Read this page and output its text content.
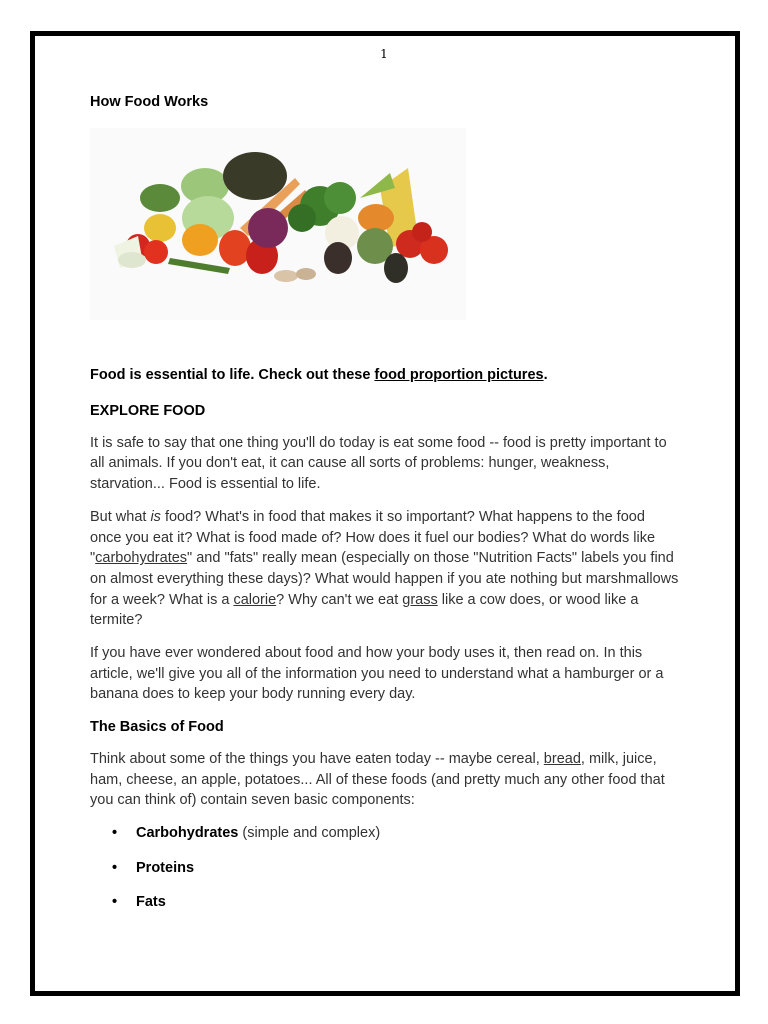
1

How Food Works

Food is essential to life. Check out these food proportion pictures.

EXPLORE FOOD

It is safe to say that one thing you'll do today is eat some food -- food is pretty important to all animals. If you don't eat, it can cause all sorts of problems: hunger, weakness, starvation... Food is essential to life.

But what is food? What's in food that makes it so important? What happens to the food once you eat it? What is food made of? How does it fuel our bodies? What do words like "carbohydrates" and "fats" really mean (especially on those "Nutrition Facts" labels you find on almost everything these days)? What would happen if you ate nothing but marshmallows for a week? What is a calorie? Why can't we eat grass like a cow does, or wood like a termite?

If you have ever wondered about food and how your body uses it, then read on. In this article, we'll give you all of the information you need to understand what a hamburger or a banana does to keep your body running every day.

The Basics of Food

Think about some of the things you have eaten today -- maybe cereal, bread, milk, juice, ham, cheese, an apple, potatoes... All of these foods (and pretty much any other food that you can think of) contain seven basic components:

• Carbohydrates (simple and complex)
• Proteins
• Fats
